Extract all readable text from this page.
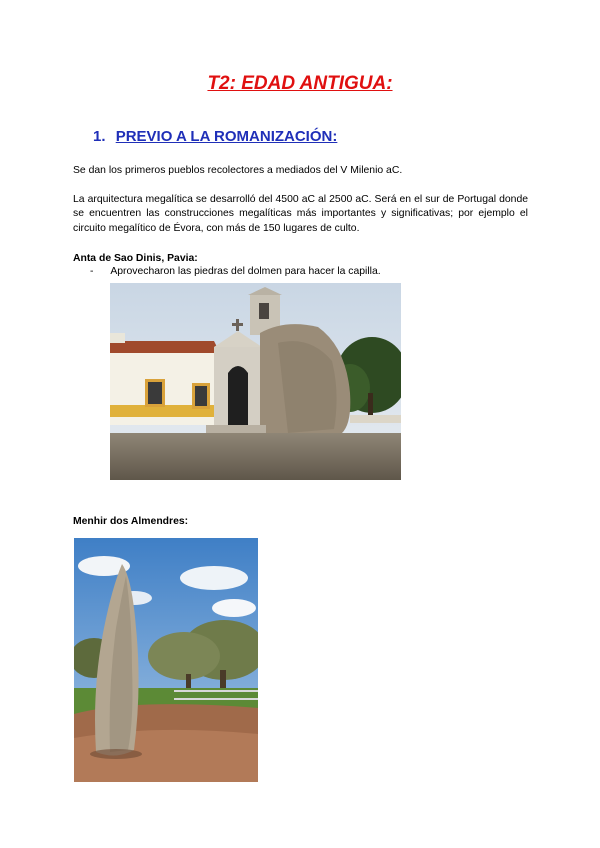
T2: EDAD ANTIGUA:
1. PREVIO A LA ROMANIZACIÓN:

Se dan los primeros pueblos recolectores a mediados del V Milenio aC.

La arquitectura megalítica se desarrolló del 4500 aC al 2500 aC. Será en el sur de Portugal donde se encuentren las construcciones megalíticas más importantes y significativas; por ejemplo el circuito megalítico de Évora, con más de 150 lugares de culto.

Anta de Sao Dinis, Pavia:

- Aprovecharon las piedras del dolmen para hacer la capilla.

Menhir dos Almendres:
